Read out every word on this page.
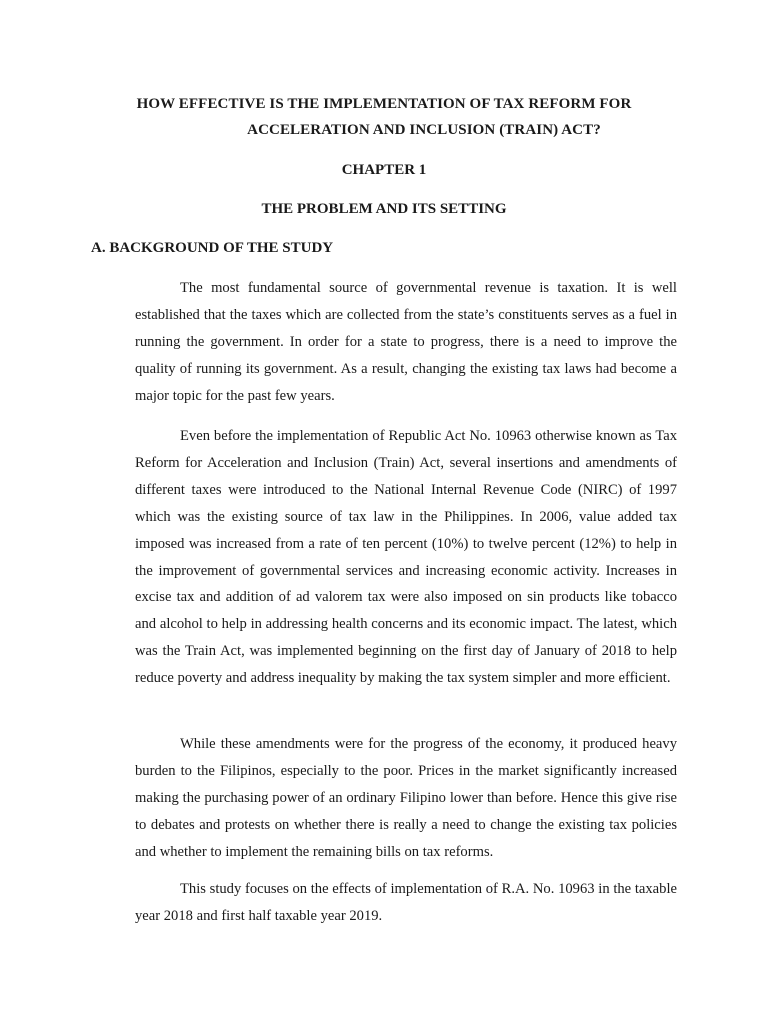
HOW EFFECTIVE IS THE IMPLEMENTATION OF TAX REFORM FOR
ACCELERATION AND INCLUSION (TRAIN) ACT?
CHAPTER 1
THE PROBLEM AND ITS SETTING
A. BACKGROUND OF THE STUDY

The most fundamental source of governmental revenue is taxation. It is well established that the taxes which are collected from the state’s constituents serves as a fuel in running the government. In order for a state to progress, there is a need to improve the quality of running its government. As a result, changing the existing tax laws had become a major topic for the past few years.

Even before the implementation of Republic Act No. 10963 otherwise known as Tax Reform for Acceleration and Inclusion (Train) Act, several insertions and amendments of different taxes were introduced to the National Internal Revenue Code (NIRC) of 1997 which was the existing source of tax law in the Philippines. In 2006, value added tax imposed was increased from a rate of ten percent (10%) to twelve percent (12%) to help in the improvement of governmental services and increasing economic activity. Increases in excise tax and addition of ad valorem tax were also imposed on sin products like tobacco and alcohol to help in addressing health concerns and its economic impact. The latest, which was the Train Act, was implemented beginning on the first day of January of 2018 to help reduce poverty and address inequality by making the tax system simpler and more efficient.

While these amendments were for the progress of the economy, it produced heavy burden to the Filipinos, especially to the poor. Prices in the market significantly increased making the purchasing power of an ordinary Filipino lower than before. Hence this give rise to debates and protests on whether there is really a need to change the existing tax policies and whether to implement the remaining bills on tax reforms.

This study focuses on the effects of implementation of R.A. No. 10963 in the taxable year 2018 and first half taxable year 2019.
